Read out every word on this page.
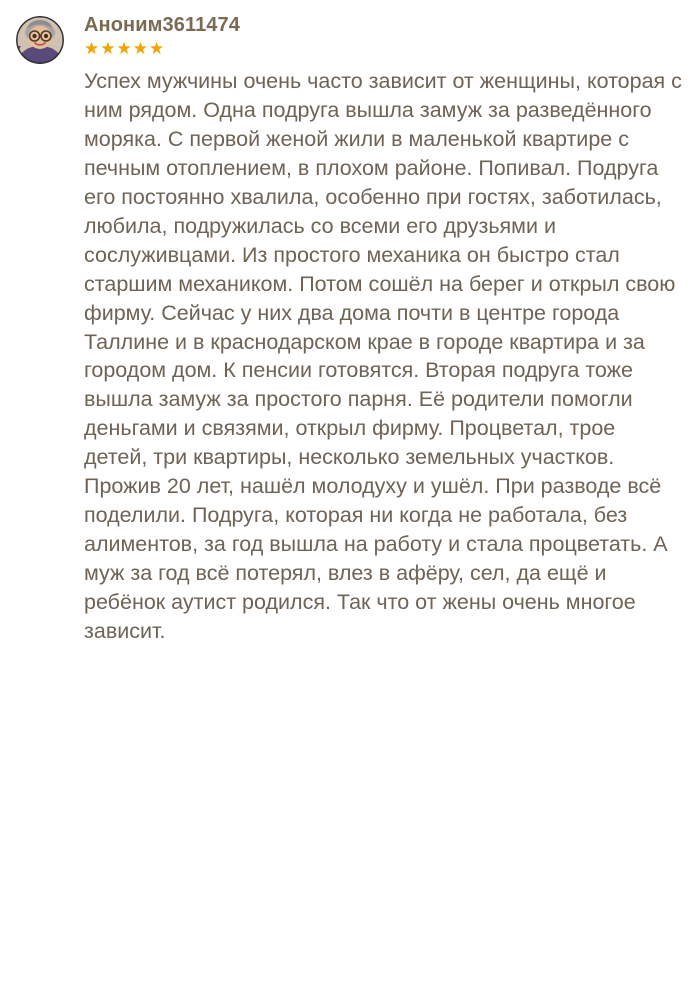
Аноним3611474
★★★★★
Успех мужчины очень часто зависит от женщины, которая с ним рядом. Одна подруга вышла замуж за разведённого моряка. С первой женой жили в маленькой квартире с печным отоплением, в плохом районе. Попивал. Подруга его постоянно хвалила, особенно при гостях, заботилась, любила, подружилась со всеми его друзьями и сослуживцами. Из простого механика он быстро стал старшим механиком. Потом сошёл на берег и открыл свою фирму. Сейчас у них два дома почти в центре города Таллине и в краснодарском крае в городе квартира и за городом дом. К пенсии готовятся. Вторая подруга тоже вышла замуж за простого парня. Её родители помогли деньгами и связями, открыл фирму. Процветал, трое детей, три квартиры, несколько земельных участков. Прожив 20 лет, нашёл молодуху и ушёл. При разводе всё поделили. Подруга, которая ни когда не работала, без алиментов, за год вышла на работу и стала процветать. А муж за год всё потерял, влез в афёру, сел, да ещё и ребёнок аутист родился. Так что от жены очень многое зависит.
